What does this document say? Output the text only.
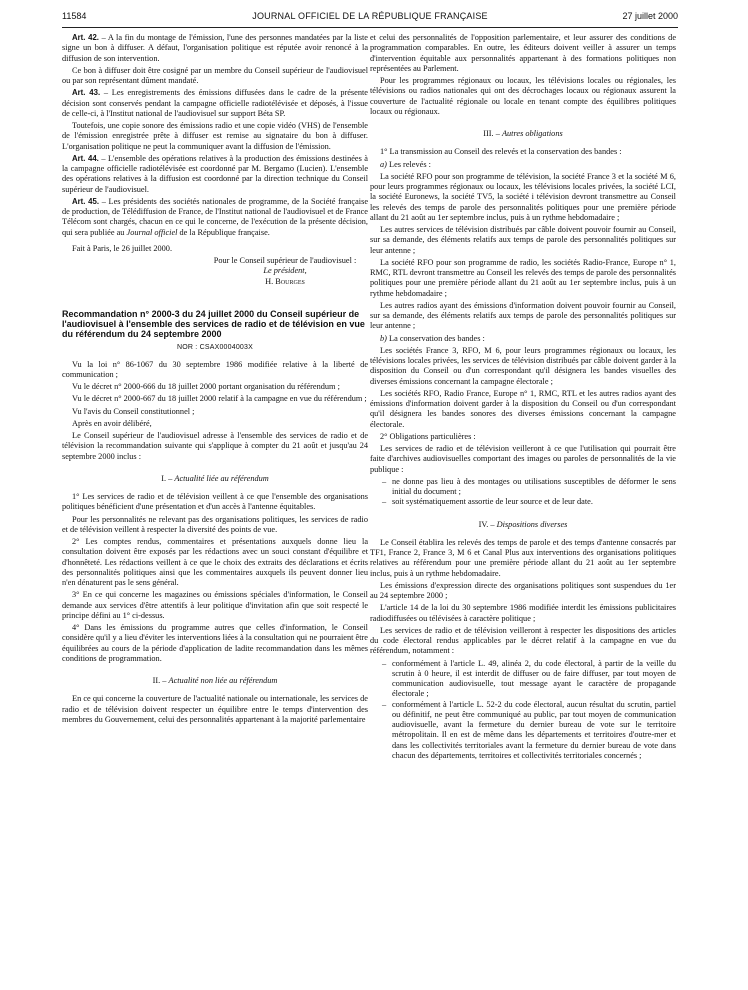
11584	JOURNAL OFFICIEL DE LA RÉPUBLIQUE FRANÇAISE	27 juillet 2000

Art. 42. – A la fin du montage de l'émission, l'une des personnes mandatées par la liste signe un bon à diffuser. A défaut, l'organisation politique est réputée avoir renoncé à la diffusion de son intervention.

Ce bon à diffuser doit être cosigné par un membre du Conseil supérieur de l'audiovisuel ou par son représentant dûment mandaté.

Art. 43. – Les enregistrements des émissions diffusées dans le cadre de la présente décision sont conservés pendant la campagne officielle radiotélévisée et déposés, à l'issue de celle-ci, à l'Institut national de l'audiovisuel sur support Béta SP.

Toutefois, une copie sonore des émissions radio et une copie vidéo (VHS) de l'ensemble de l'émission enregistrée prête à diffuser est remise au signataire du bon à diffuser. L'organisation politique ne peut la communiquer avant la diffusion de l'émission.

Art. 44. – L'ensemble des opérations relatives à la production des émissions destinées à la campagne officielle radiotélévisée est coordonné par M. Bergamo (Lucien). L'ensemble des opérations relatives à la diffusion est coordonné par la direction technique du Conseil supérieur de l'audiovisuel.

Art. 45. – Les présidents des sociétés nationales de programme, de la Société française de production, de Télédiffusion de France, de l'Institut national de l'audiovisuel et de France Télécom sont chargés, chacun en ce qui le concerne, de l'exécution de la présente décision, qui sera publiée au Journal officiel de la République française.

Fait à Paris, le 26 juillet 2000.

Pour le Conseil supérieur de l'audiovisuel :
Le président,
H. Bourges
Recommandation n° 2000-3 du 24 juillet 2000 du Conseil supérieur de l'audiovisuel à l'ensemble des services de radio et de télévision en vue du référendum du 24 septembre 2000
NOR : CSAX0004003X

Vu la loi n° 86-1067 du 30 septembre 1986 modifiée relative à la liberté de communication ;

Vu le décret n° 2000-666 du 18 juillet 2000 portant organisation du référendum ;

Vu le décret n° 2000-667 du 18 juillet 2000 relatif à la campagne en vue du référendum ;

Vu l'avis du Conseil constitutionnel ;

Après en avoir délibéré,

Le Conseil supérieur de l'audiovisuel adresse à l'ensemble des services de radio et de télévision la recommandation suivante qui s'applique à compter du 21 août et jusqu'au 24 septembre 2000 inclus :

I. – Actualité liée au référendum

1° Les services de radio et de télévision veillent à ce que l'ensemble des organisations politiques bénéficient d'une présentation et d'un accès à l'antenne équitables.

Pour les personnalités ne relevant pas des organisations politiques, les services de radio et de télévision veillent à respecter la diversité des points de vue.

2° Les comptes rendus, commentaires et présentations auxquels donne lieu la consultation doivent être exposés par les rédactions avec un souci constant d'équilibre et d'honnêteté. Les rédactions veillent à ce que le choix des extraits des déclarations et écrits des personnalités politiques ainsi que les commentaires auxquels ils peuvent donner lieu n'en dénaturent pas le sens général.

3° En ce qui concerne les magazines ou émissions spéciales d'information, le Conseil demande aux services d'être attentifs à leur politique d'invitation afin que soit respecté le principe défini au 1° ci-dessus.

4° Dans les émissions du programme autres que celles d'information, le Conseil considère qu'il y a lieu d'éviter les interventions liées à la consultation qui ne pourraient être équilibrées au cours de la période d'application de ladite recommandation dans les mêmes conditions de programmation.

II. – Actualité non liée au référendum

En ce qui concerne la couverture de l'actualité nationale ou internationale, les services de radio et de télévision doivent respecter un équilibre entre le temps d'intervention des membres du Gouvernement, celui des personnalités appartenant à la majorité parlementaire

et celui des personnalités de l'opposition parlementaire, et leur assurer des conditions de programmation comparables. En outre, les éditeurs doivent veiller à assurer un temps d'intervention équitable aux personnalités appartenant à des formations politiques non représentées au Parlement.

Pour les programmes régionaux ou locaux, les télévisions locales ou régionales, les télévisions ou radios nationales qui ont des décrochages locaux ou régionaux assurent la couverture de l'actualité régionale ou locale en tenant compte des équilibres politiques locaux ou régionaux.

III. – Autres obligations

1° La transmission au Conseil des relevés et la conservation des bandes :

a) Les relevés :

La société RFO pour son programme de télévision, la société France 3 et la société M 6, pour leurs programmes régionaux ou locaux, les télévisions locales privées, la société LCI, la société Euronews, la société TV5, la société i télévision devront transmettre au Conseil les relevés des temps de parole des personnalités politiques pour une première période allant du 21 août au 1er septembre inclus, puis à un rythme hebdomadaire ;

Les autres services de télévision distribués par câble doivent pouvoir fournir au Conseil, sur sa demande, des éléments relatifs aux temps de parole des personnalités politiques sur leur antenne ;

La société RFO pour son programme de radio, les sociétés Radio-France, Europe n° 1, RMC, RTL devront transmettre au Conseil les relevés des temps de parole des personnalités politiques pour une première période allant du 21 août au 1er septembre inclus, puis à un rythme hebdomadaire ;

Les autres radios ayant des émissions d'information doivent pouvoir fournir au Conseil, sur sa demande, des éléments relatifs aux temps de parole des personnalités politiques sur leur antenne ;

b) La conservation des bandes :

Les sociétés France 3, RFO, M 6, pour leurs programmes régionaux ou locaux, les télévisions locales privées, les services de télévision distribués par câble doivent garder à la disposition du Conseil ou d'un correspondant qu'il désignera les bandes visuelles des diverses émissions concernant la campagne électorale ;

Les sociétés RFO, Radio France, Europe n° 1, RMC, RTL et les autres radios ayant des émissions d'information doivent garder à la disposition du Conseil ou d'un correspondant qu'il désignera les bandes sonores des diverses émissions concernant la campagne électorale.

2° Obligations particulières :

Les services de radio et de télévision veilleront à ce que l'utilisation qui pourrait être faite d'archives audiovisuelles comportant des images ou paroles de personnalités de la vie publique :

– ne donne pas lieu à des montages ou utilisations susceptibles de déformer le sens initial du document ;
– soit systématiquement assortie de leur source et de leur date.
IV. – Dispositions diverses

Le Conseil établira les relevés des temps de parole et des temps d'antenne consacrés par TF1, France 2, France 3, M 6 et Canal Plus aux interventions des organisations politiques relatives au référendum pour une première période allant du 21 août au 1er septembre inclus, puis à un rythme hebdomadaire.

Les émissions d'expression directe des organisations politiques sont suspendues du 1er au 24 septembre 2000 ;

L'article 14 de la loi du 30 septembre 1986 modifiée interdit les émissions publicitaires radiodiffusées ou télévisées à caractère politique ;

Les services de radio et de télévision veilleront à respecter les dispositions des articles du code électoral rendus applicables par le décret relatif à la campagne en vue du référendum, notamment :

– conformément à l'article L. 49, alinéa 2, du code électoral, à partir de la veille du scrutin à 0 heure, il est interdit de diffuser ou de faire diffuser, par tout moyen de communication audiovisuelle, tout message ayant le caractère de propagande électorale ;
– conformément à l'article L. 52-2 du code électoral, aucun résultat du scrutin, partiel ou définitif, ne peut être communiqué au public, par tout moyen de communication audiovisuelle, avant la fermeture du dernier bureau de vote sur le territoire métropolitain. Il en est de même dans les départements et territoires d'outre-mer et dans les collectivités territoriales avant la fermeture du dernier bureau de vote dans chacun des départements, territoires et collectivités territoriales concernés ;
